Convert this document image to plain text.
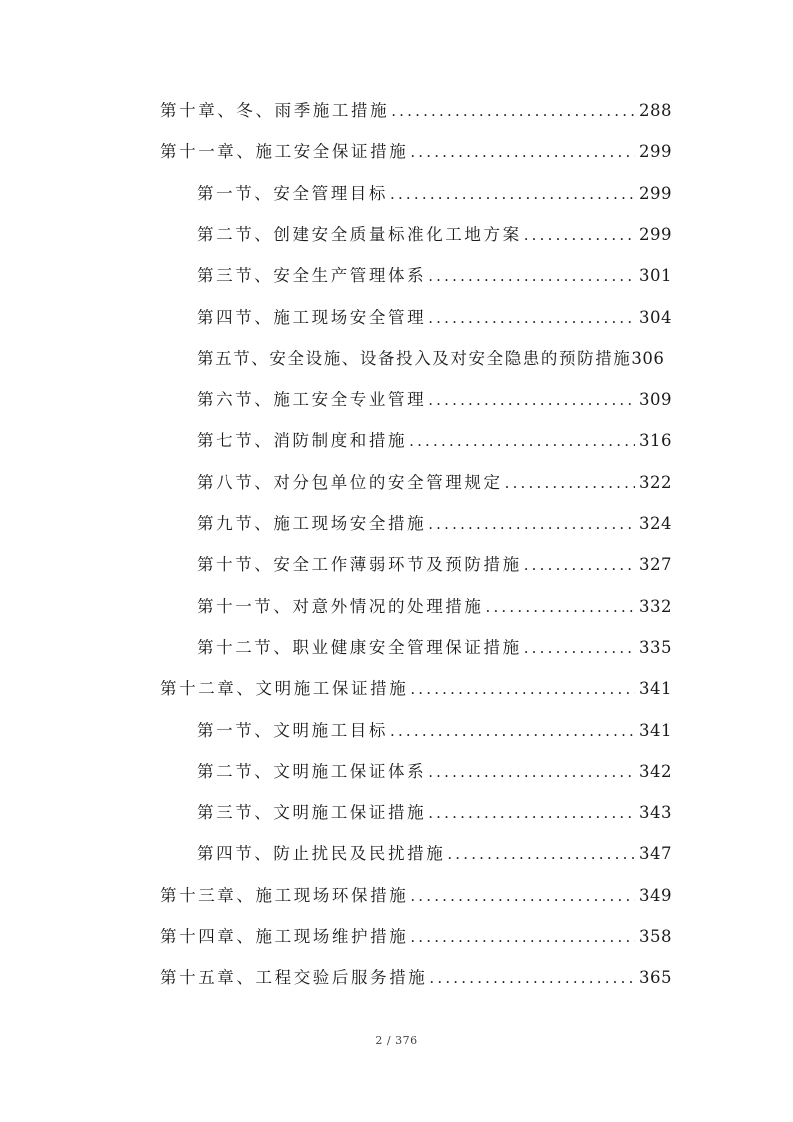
第十章、冬、雨季施工措施 .....	288
第十一章、施工安全保证措施 .....	299
第一节、安全管理目标 .....	299
第二节、创建安全质量标准化工地方案 .....	299
第三节、安全生产管理体系 .....	301
第四节、施工现场安全管理 .....	304
第五节、安全设施、设备投入及对安全隐患的预防措施 306
第六节、施工安全专业管理 .....	309
第七节、消防制度和措施 .....	316
第八节、对分包单位的安全管理规定 .....	322
第九节、施工现场安全措施 .....	324
第十节、安全工作薄弱环节及预防措施 .....	327
第十一节、对意外情况的处理措施 .....	332
第十二节、职业健康安全管理保证措施 .....	335
第十二章、文明施工保证措施 .....	341
第一节、文明施工目标 .....	341
第二节、文明施工保证体系 .....	342
第三节、文明施工保证措施 .....	343
第四节、防止扰民及民扰措施 .....	347
第十三章、施工现场环保措施 .....	349
第十四章、施工现场维护措施 .....	358
第十五章、工程交验后服务措施 .....	365
2 / 376
